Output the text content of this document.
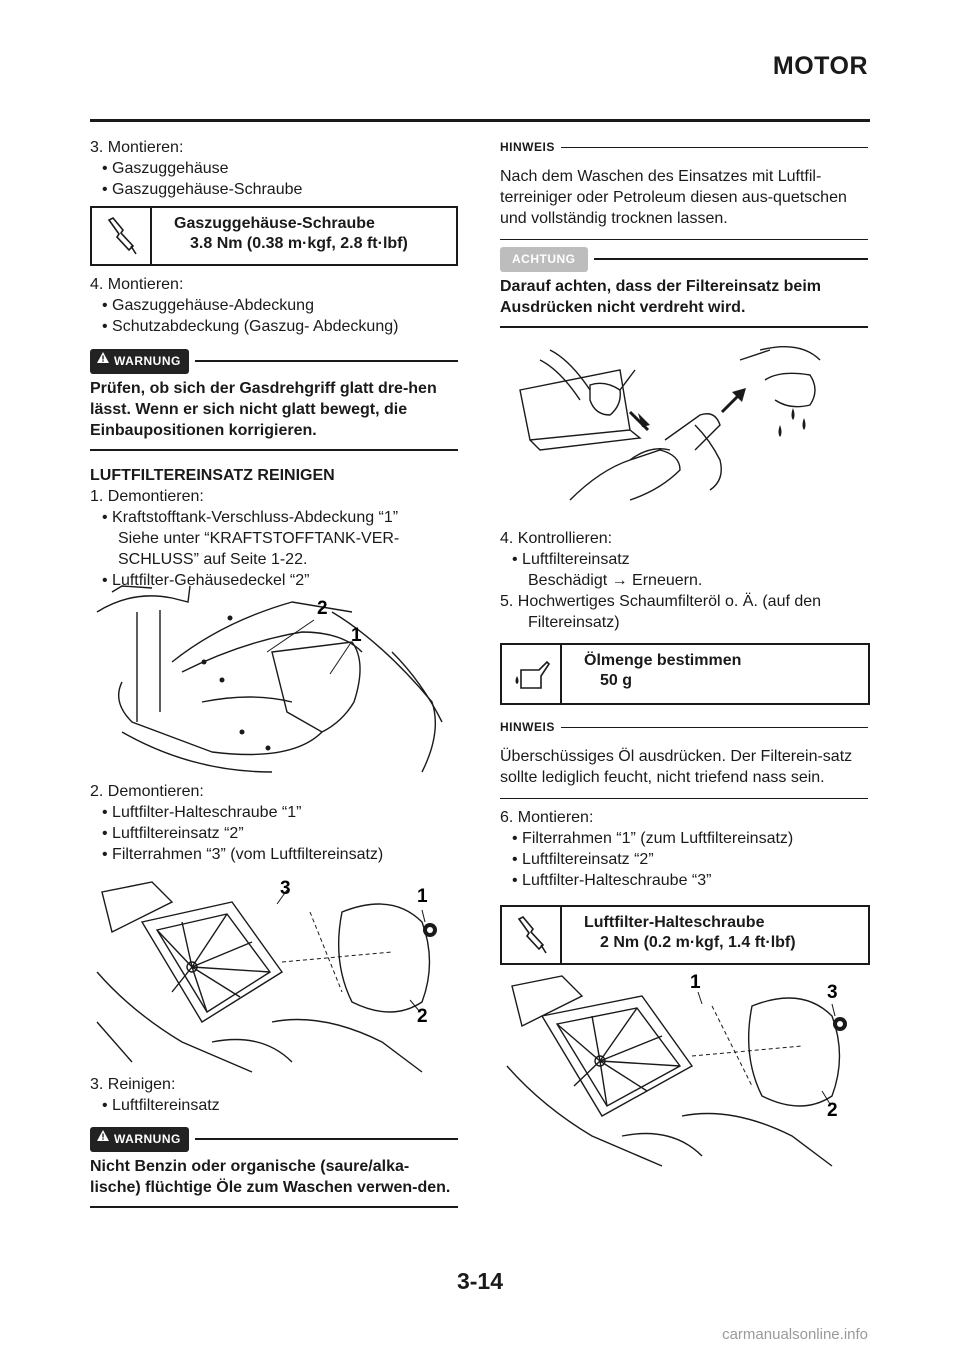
MOTOR

3. Montieren:

• Gaszuggehäuse

• Gaszuggehäuse-Schraube

Gaszuggehäuse-Schraube
3.8 Nm (0.38 m·kgf, 2.8 ft·lbf)

4. Montieren:

• Gaszuggehäuse-Abdeckung

• Schutzabdeckung (Gaszug- Abdeckung)

WARNUNG

Prüfen, ob sich der Gasdrehgriff glatt dre-hen lässt. Wenn er sich nicht glatt bewegt, die Einbaupositionen korrigieren.

LUFTFILTEREINSATZ REINIGEN

1. Demontieren:

• Kraftstofftank-Verschluss-Abdeckung “1”

Siehe unter “KRAFTSTOFFTANK-VER-

SCHLUSS” auf Seite 1-22.

• Luftfilter-Gehäusedeckel “2”

2
1

2. Demontieren:

• Luftfilter-Halteschraube “1”

• Luftfiltereinsatz “2”

• Filterrahmen “3” (vom Luftfiltereinsatz)

3	1
2

3. Reinigen:

• Luftfiltereinsatz

WARNUNG

Nicht Benzin oder organische (saure/alka-lische) flüchtige Öle zum Waschen verwen-den.

HINWEIS

Nach dem Waschen des Einsatzes mit Luftfil-terreiniger oder Petroleum diesen aus-quetschen und vollständig trocknen lassen.

ACHTUNG

Darauf achten, dass der Filtereinsatz beim Ausdrücken nicht verdreht wird.

4. Kontrollieren:

• Luftfiltereinsatz

Beschädigt → Erneuern.

5. Hochwertiges Schaumfilteröl o. Ä. (auf den

Filtereinsatz)

Ölmenge bestimmen
50 g
HINWEIS

Überschüssiges Öl ausdrücken. Der Filterein-satz sollte lediglich feucht, nicht triefend nass sein.

6. Montieren:

• Filterrahmen “1” (zum Luftfiltereinsatz)

• Luftfiltereinsatz “2”

• Luftfilter-Halteschraube “3”

Luftfilter-Halteschraube
2 Nm (0.2 m·kgf, 1.4 ft·lbf)
1	3
2
3-14
carmanualsonline.info
